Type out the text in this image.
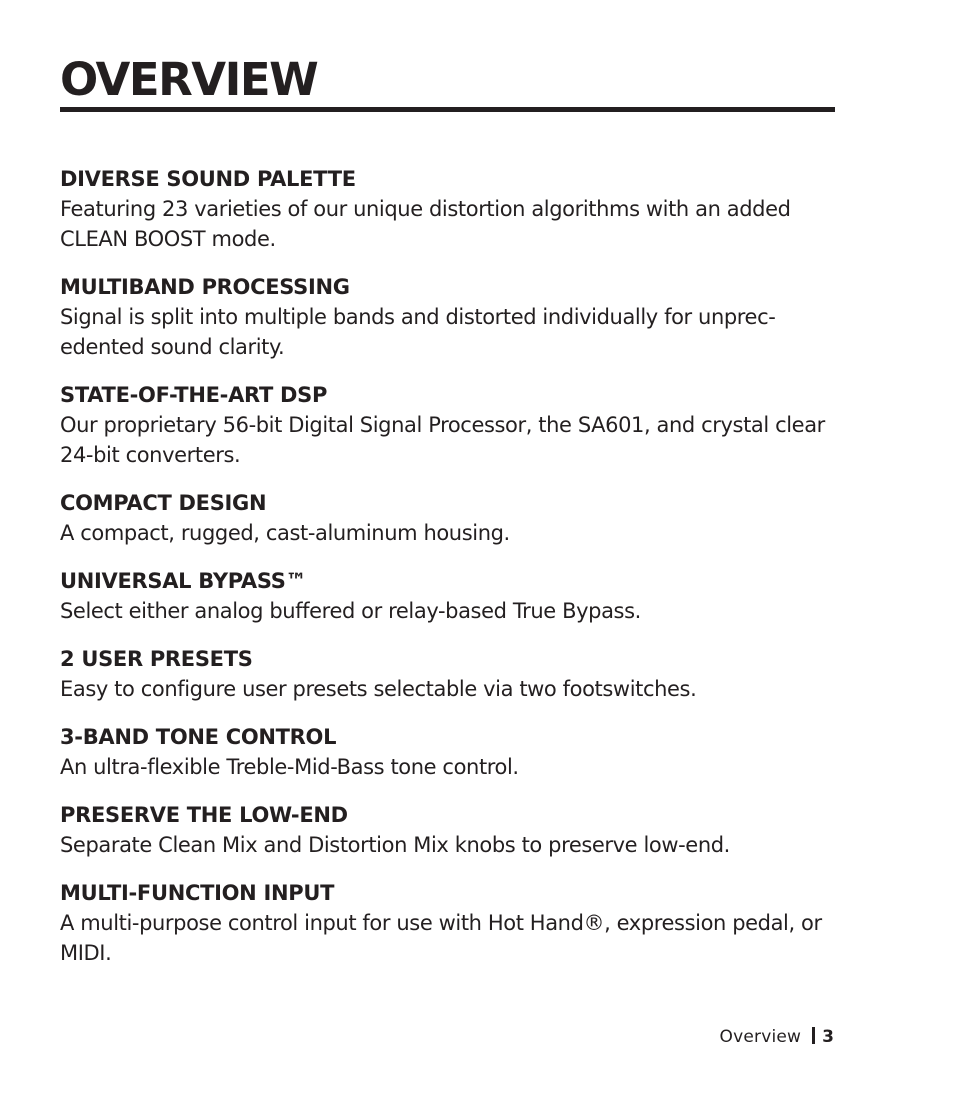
OVERVIEW

DIVERSE SOUND PALETTE

Featuring 23 varieties of our unique distortion algorithms with an added CLEAN BOOST mode.

MULTIBAND PROCESSING

Signal is split into multiple bands and distorted individually for unprec- edented sound clarity.

STATE-OF-THE-ART DSP

Our proprietary 56-bit Digital Signal Processor, the SA601, and crystal clear 24-bit converters.

COMPACT DESIGN

A compact, rugged, cast-aluminum housing.

UNIVERSAL BYPASS™

Select either analog buffered or relay-based True Bypass.

2 USER PRESETS

Easy to configure user presets selectable via two footswitches.

3-BAND TONE CONTROL

An ultra-flexible Treble-Mid-Bass tone control.

PRESERVE THE LOW-END

Separate Clean Mix and Distortion Mix knobs to preserve low-end.

MULTI-FUNCTION INPUT

A multi-purpose control input for use with Hot Hand®, expression pedal, or MIDI.

Overview 3
